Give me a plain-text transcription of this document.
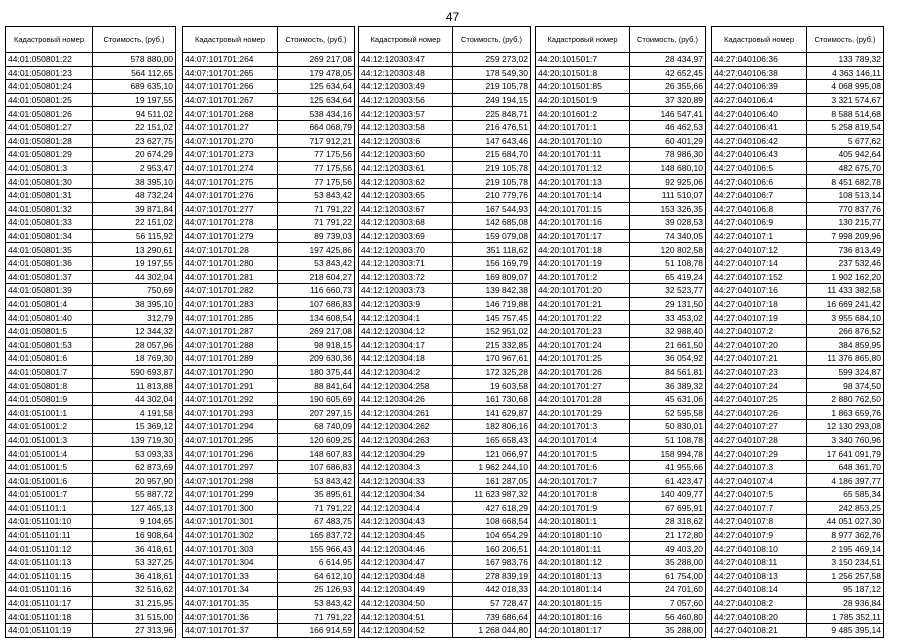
47
Кадастровый номер	Стоимость, (руб.)
44:01:050801:22	578 880,00
44:01:050801:23	564 112,65
44:01:050801:24	689 635,10
44:01:050801:25	19 197,55
44:01:050801:26	94 511,02
44:01:050801:27	22 151,02
44:01:050801:28	23 627,75
44:01:050801:29	20 674,29
44:01:050801:3	2 953,47
44:01:050801:30	38 395,10
44:01:050801:31	48 732,24
44:01:050801:32	39 871,84
44:01:050801:33	22 151,02
44:01:050801:34	56 115,92
44:01:050801:35	13 290,61
44:01:050801:36	19 197,55
44:01:050801:37	44 302,04
44:01:050801:39	750,69
44:01:050801:4	38 395,10
44:01:050801:40	312,79
44:01:050801:5	12 344,32
44:01:050801:53	28 057,96
44:01:050801:6	18 769,30
44:01:050801:7	590 693,87
44:01:050801:8	11 813,88
44:01:050801:9	44 302,04
44:01:051001:1	4 191,58
44:01:051001:2	15 369,12
44:01:051001:3	139 719,30
44:01:051001:4	53 093,33
44:01:051001:5	62 873,69
44:01:051001:6	20 957,90
44:01:051001:7	55 887,72
44:01:051101:1	127 465,13
44:01:051101:10	9 104,65
44:01:051101:11	16 908,64
44:01:051101:12	36 418,61
44:01:051101:13	53 327,25
44:01:051101:15	36 418,61
44:01:051101:16	32 516,62
44:01:051101:17	31 215,95
44:01:051101:18	31 515,00
44:01:051101:19	27 313,96
Кадастровый номер	Стоимость, (руб.)
44:07:101701:264	269 217,08
44:07:101701:265	179 478,05
44:07:101701:266	125 634,64
44:07:101701:267	125 634,64
44:07:101701:268	538 434,16
44:07:101701:27	664 068,79
44:07:101701:270	717 912,21
44:07:101701:273	77 175,56
44:07:101701:274	77 175,56
44:07:101701:275	77 175,56
44:07:101701:276	53 843,42
44:07:101701:277	71 791,22
44:07:101701:278	71 791,22
44:07:101701:279	89 739,03
44:07:101701:28	197 425,86
44:07:101701:280	53 843,42
44:07:101701:281	218 604,27
44:07:101701:282	116 660,73
44:07:101701:283	107 686,83
44:07:101701:285	134 608,54
44:07:101701:287	269 217,08
44:07:101701:288	98 918,15
44:07:101701:289	209 630,36
44:07:101701:290	180 375,44
44:07:101701:291	88 841,64
44:07:101701:292	190 605,69
44:07:101701:293	207 297,15
44:07:101701:294	68 740,09
44:07:101701:295	120 609,25
44:07:101701:296	148 607,83
44:07:101701:297	107 686,83
44:07:101701:298	53 843,42
44:07:101701:299	35 895,61
44:07:101701:300	71 791,22
44:07:101701:301	67 483,75
44:07:101701:302	165 837,72
44:07:101701:303	155 966,43
44:07:101701:304	6 614,95
44:07:101701:33	64 612,10
44:07:101701:34	25 126,93
44:07:101701:35	53 843,42
44:07:101701:36	71 791,22
44:07:101701:37	166 914,59
Кадастровый номер	Стоимость, (руб.)
44:12:120303:47	259 273,02
44:12:120303:48	178 549,30
44:12:120303:49	219 105,78
44:12:120303:56	249 194,15
44:12:120303:57	225 848,71
44:12:120303:58	216 476,51
44:12:120303:6	147 643,46
44:12:120303:60	215 684,70
44:12:120303:61	219 105,78
44:12:120303:62	219 105,78
44:12:120303:65	210 779,76
44:12:120303:67	167 544,93
44:12:120303:68	142 685,08
44:12:120303:69	159 079,08
44:12:120303:70	351 118,62
44:12:120303:71	156 169,79
44:12:120303:72	169 809,07
44:12:120303:73	139 842,38
44:12:120303:9	146 719,88
44:12:120304:1	145 757,45
44:12:120304:12	152 951,02
44:12:120304:17	215 332,85
44:12:120304:18	170 967,61
44:12:120304:2	172 325,28
44:12:120304:258	19 603,58
44:12:120304:26	161 730,68
44:12:120304:261	141 629,87
44:12:120304:262	182 806,16
44:12:120304:263	165 658,43
44:12:120304:29	121 066,97
44:12:120304:3	1 962 244,10
44:12:120304:33	161 287,05
44:12:120304:34	11 623 987,32
44:12:120304:4	427 618,29
44:12:120304:43	108 668,54
44:12:120304:45	104 654,29
44:12:120304:46	160 206,51
44:12:120304:47	167 983,76
44:12:120304:48	278 839,19
44:12:120304:49	442 018,33
44:12:120304:50	57 728,47
44:12:120304:51	739 686,64
44:12:120304:52	1 268 044,80
Кадастровый номер	Стоимость, (руб.)
44:20:101501:7	28 434,97
44:20:101501:8	42 652,45
44:20:101501:85	26 355,66
44:20:101501:9	37 320,89
44:20:101601:2	146 547,41
44:20:101701:1	46 462,53
44:20:101701:10	60 401,29
44:20:101701:11	78 986,30
44:20:101701:12	148 680,10
44:20:101701:13	92 925,06
44:20:101701:14	111 510,07
44:20:101701:15	153 326,35
44:20:101701:16	39 028,53
44:20:101701:17	74 340,05
44:20:101701:18	120 802,58
44:20:101701:19	51 108,78
44:20:101701:2	65 419,24
44:20:101701:20	32 523,77
44:20:101701:21	29 131,50
44:20:101701:22	33 453,02
44:20:101701:23	32 988,40
44:20:101701:24	21 661,50
44:20:101701:25	36 054,92
44:20:101701:26	84 561,81
44:20:101701:27	36 389,32
44:20:101701:28	45 631,06
44:20:101701:29	52 595,58
44:20:101701:3	50 830,01
44:20:101701:4	51 108,78
44:20:101701:5	158 994,78
44:20:101701:6	41 955,66
44:20:101701:7	61 423,47
44:20:101701:8	140 409,77
44:20:101701:9	67 695,91
44:20:101801:1	28 318,62
44:20:101801:10	21 172,80
44:20:101801:11	49 403,20
44:20:101801:12	35 288,00
44:20:101801:13	61 754,00
44:20:101801:14	24 701,60
44:20:101801:15	7 057,60
44:20:101801:16	56 460,80
44:20:101801:17	35 288,00
Кадастровый номер	Стоимость, (руб.)
44:27:040106:36	133 789,32
44:27:040106:38	4 363 146,11
44:27:040106:39	4 068 995,08
44:27:040106:4	3 321 574,67
44:27:040106:40	8 588 514,68
44:27:040106:41	5 258 819,54
44:27:040106:42	5 677,62
44:27:040106:43	405 942,64
44:27:040106:5	482 675,70
44:27:040106:6	8 451 682,78
44:27:040106:7	108 513,14
44:27:040106:8	770 837,76
44:27:040106:9	130 215,77
44:27:040107:1	7 998 209,96
44:27:040107:12	736 813,49
44:27:040107:14	237 532,46
44:27:040107:152	1 902 162,20
44:27:040107:16	11 433 382,58
44:27:040107:18	16 669 241,42
44:27:040107:19	3 955 684,10
44:27:040107:2	266 876,52
44:27:040107:20	384 859,95
44:27:040107:21	11 376 865,80
44:27:040107:23	599 324,87
44:27:040107:24	98 374,50
44:27:040107:25	2 880 762,50
44:27:040107:26	1 863 659,76
44:27:040107:27	12 130 293,08
44:27:040107:28	3 340 760,96
44:27:040107:29	17 641 091,79
44:27:040107:3	648 361,70
44:27:040107:4	4 186 397,77
44:27:040107:5	65 585,34
44:27:040107:7	242 853,25
44:27:040107:8	44 051 027,30
44:27:040107:9	8 977 362,76
44:27:040108:10	2 195 469,14
44:27:040108:11	3 150 234,51
44:27:040108:13	1 256 257,58
44:27:040108:14	95 187,12
44:27:040108:2	28 936,84
44:27:040108:20	1 785 352,11
44:27:040108:21	9 485 395,14
